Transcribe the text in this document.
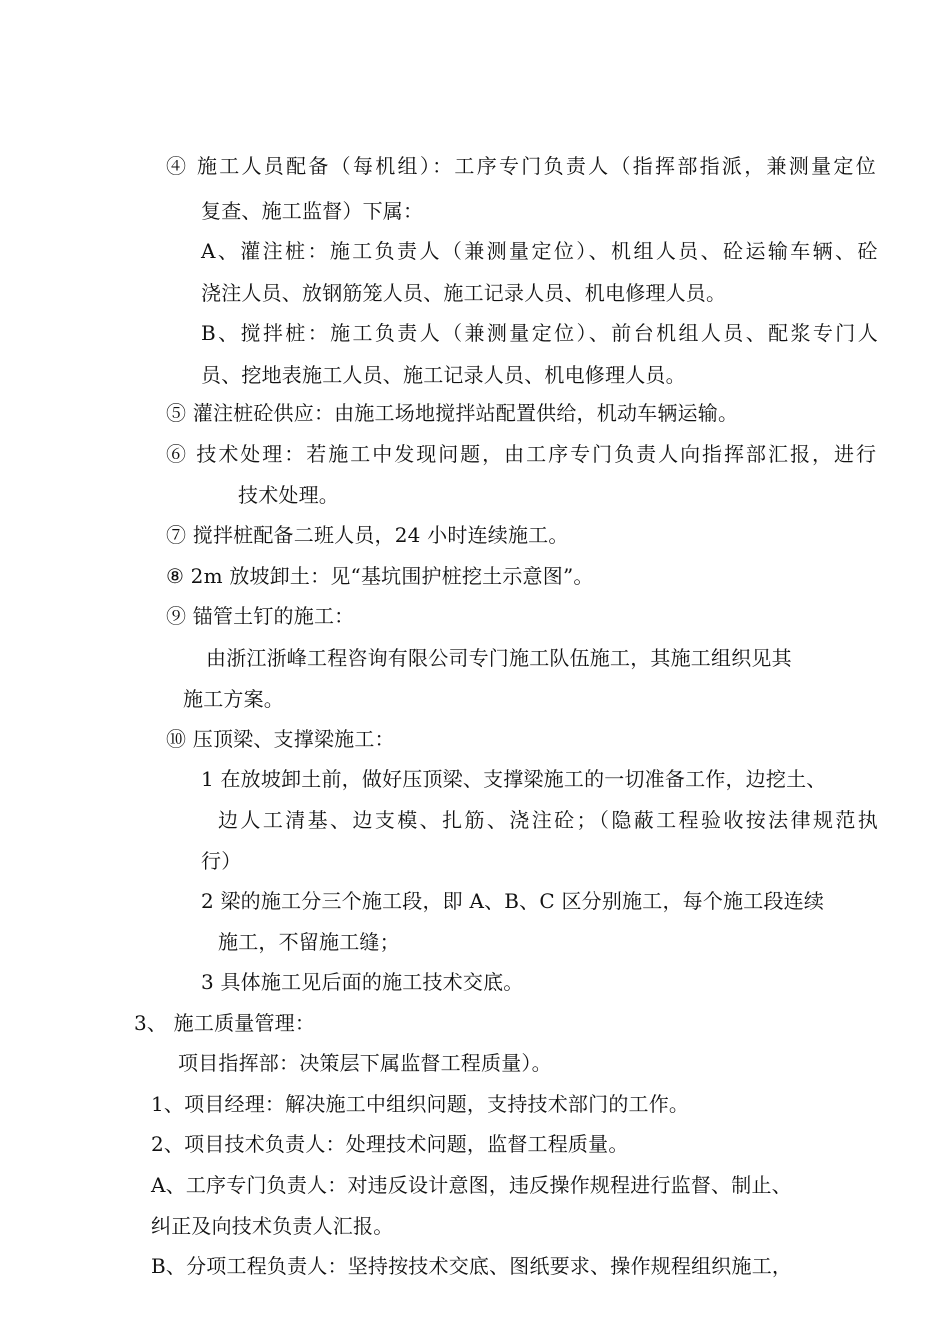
④ 施工人员配备（每机组）：工序专门负责人（指挥部指派，兼测量定位
复查、施工监督）下属：
A、灌注桩：施工负责人（兼测量定位）、机组人员、砼运输车辆、砼
浇注人员、放钢筋笼人员、施工记录人员、机电修理人员。
B、搅拌桩：施工负责人（兼测量定位）、前台机组人员、配浆专门人
员、挖地表施工人员、施工记录人员、机电修理人员。
⑤ 灌注桩砼供应：由施工场地搅拌站配置供给，机动车辆运输。
⑥ 技术处理：若施工中发现问题，由工序专门负责人向指挥部汇报，进行
技术处理。
⑦ 搅拌桩配备二班人员，24 小时连续施工。
⑧ 2m 放坡卸土：见“基坑围护桩挖土示意图”。
⑨ 锚管土钉的施工：
由浙江浙峰工程咨询有限公司专门施工队伍施工，其施工组织见其
施工方案。
⑩ 压顶梁、支撑梁施工：
1 在放坡卸土前，做好压顶梁、支撑梁施工的一切准备工作，边挖土、
边人工清基、边支模、扎筋、浇注砼；（隐蔽工程验收按法律规范执
行）
2 梁的施工分三个施工段，即 A、B、C 区分别施工，每个施工段连续
施工，不留施工缝；
3 具体施工见后面的施工技术交底。
3、 施工质量管理：
项目指挥部：决策层下属监督工程质量）。
1、项目经理：解决施工中组织问题，支持技术部门的工作。
2、项目技术负责人：处理技术问题，监督工程质量。
A、工序专门负责人：对违反设计意图，违反操作规程进行监督、制止、
纠正及向技术负责人汇报。
B、分项工程负责人：坚持按技术交底、图纸要求、操作规程组织施工，
